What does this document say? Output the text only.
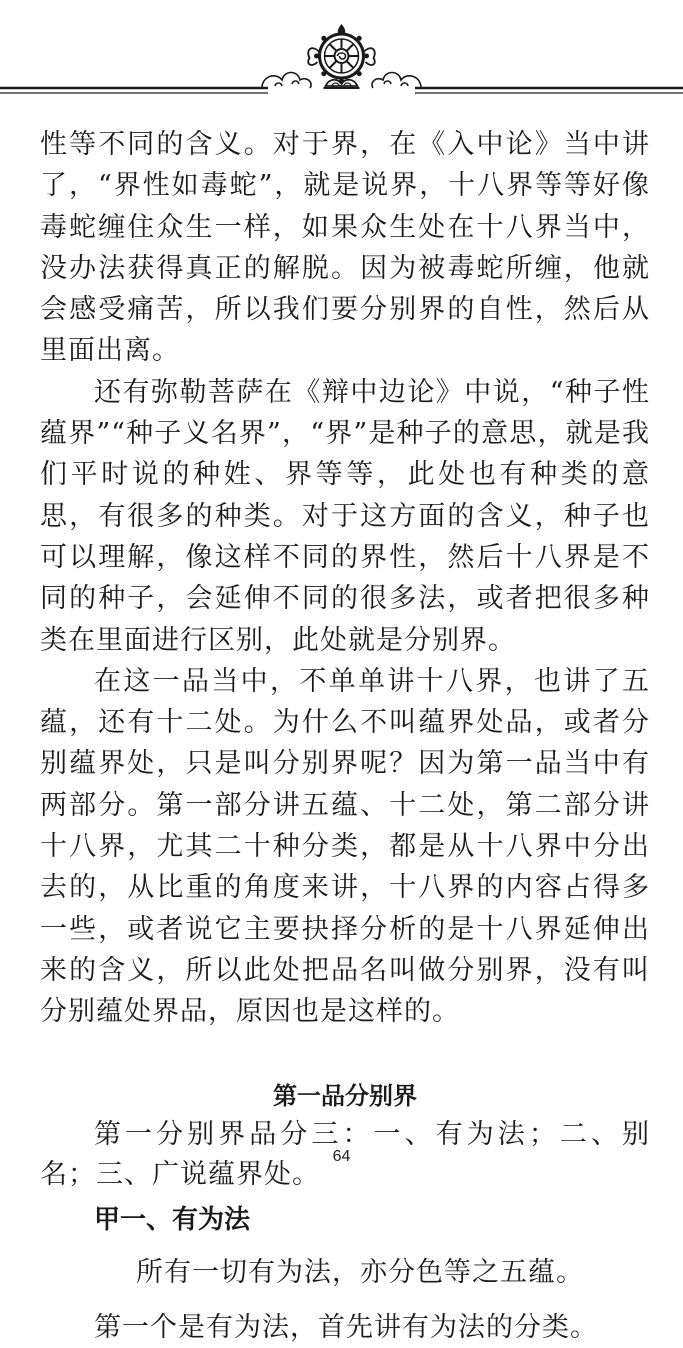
性等不同的含义。对于界，在《入中论》当中讲了，“界性如毒蛇”，就是说界，十八界等等好像毒蛇缠住众生一样，如果众生处在十八界当中，没办法获得真正的解脱。因为被毒蛇所缠，他就会感受痛苦，所以我们要分别界的自性，然后从里面出离。

还有弥勒菩萨在《辩中边论》中说，“种子性蕴界”“种子义名界”，“界”是种子的意思，就是我们平时说的种姓、界等等，此处也有种类的意思，有很多的种类。对于这方面的含义，种子也可以理解，像这样不同的界性，然后十八界是不同的种子，会延伸不同的很多法，或者把很多种类在里面进行区别，此处就是分别界。

在这一品当中，不单单讲十八界，也讲了五蕴，还有十二处。为什么不叫蕴界处品，或者分别蕴界处，只是叫分别界呢？因为第一品当中有两部分。第一部分讲五蕴、十二处，第二部分讲十八界，尤其二十种分类，都是从十八界中分出去的，从比重的角度来讲，十八界的内容占得多一些，或者说它主要抉择分析的是十八界延伸出来的含义，所以此处把品名叫做分别界，没有叫分别蕴处界品，原因也是这样的。

第一品分别界

第一分别界品分三：一、有为法；二、别名；三、广说蕴界处。

甲一、有为法

所有一切有为法，亦分色等之五蕴。

第一个是有为法，首先讲有为法的分类。

64
